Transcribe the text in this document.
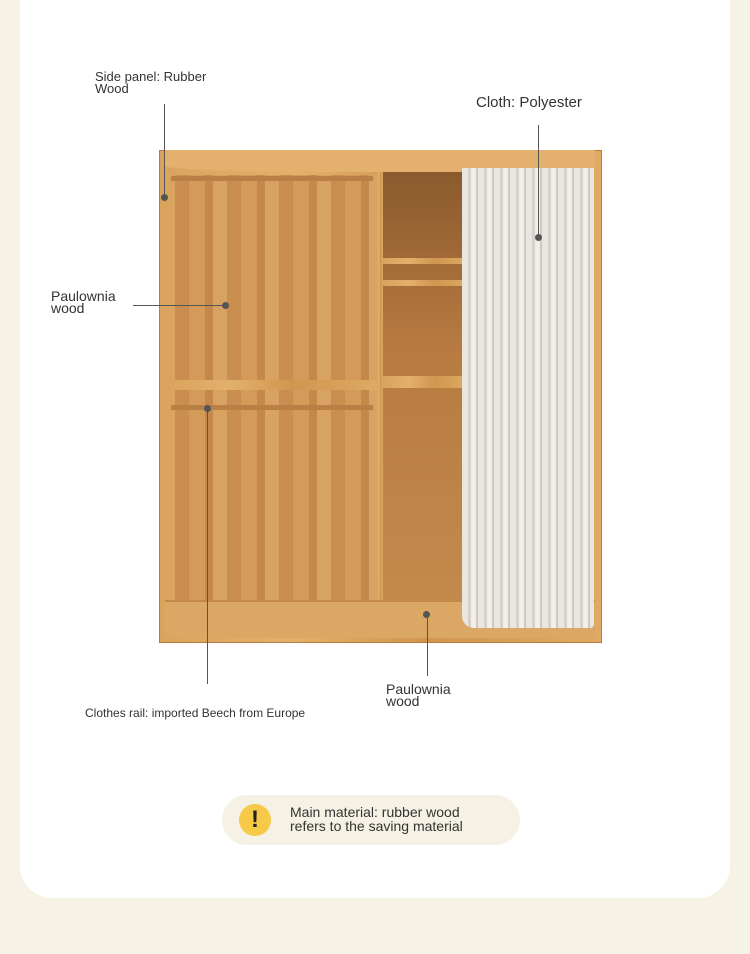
Side panel: Rubber
Wood
Cloth: Polyester
Paulownia
wood
Clothes rail: imported Beech from Europe
Paulownia
wood
!	Main material: rubber wood
refers to the saving material
